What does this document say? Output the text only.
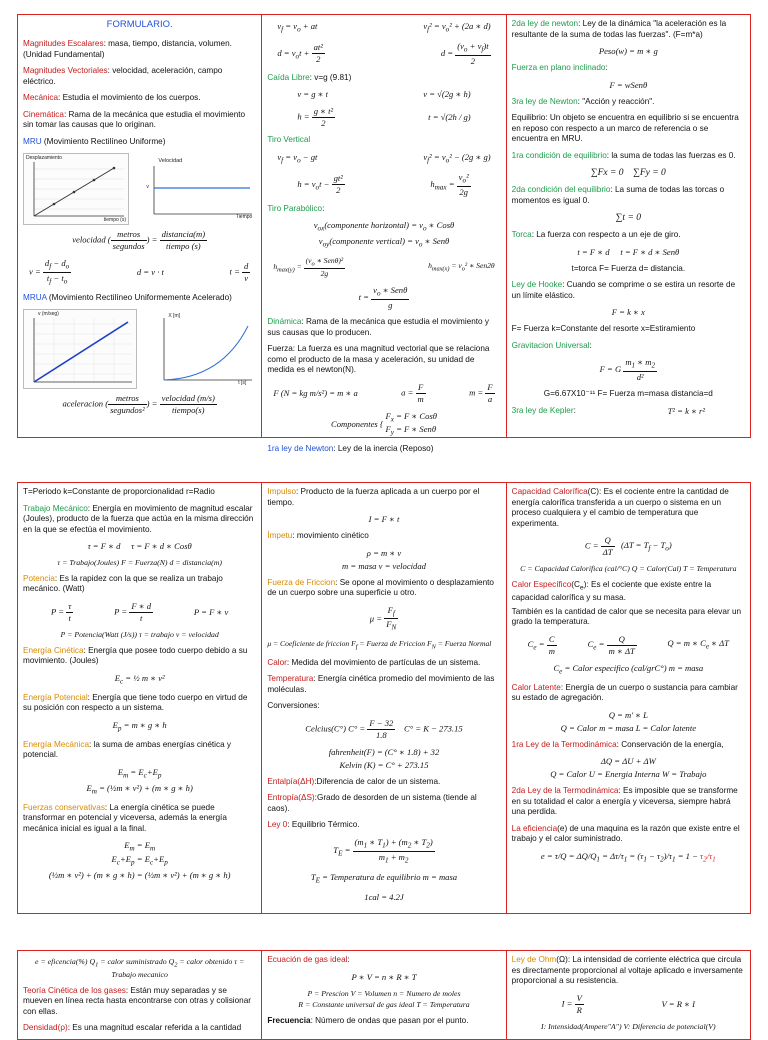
FORMULARIO.

Magnitudes Escalares: masa, tiempo, distancia, volumen. (Unidad Fundamental)

Magnitudes Vectoriales: velocidad, aceleración, campo eléctrico.

Mecánica: Estudia el movimiento de los cuerpos.

Cinemática: Rama de la mecánica que estudia el movimiento sin tomar las causas que lo originan.

MRU (Movimiento Rectilíneo Uniforme)

Desplazamiento
tiempo (s)
Velocidad
Tiempo
v
velocidad (
metros
segundos
) =
distancia(m)
tiempo (s)
$v = \frac{d_f - d_o}{t_f - t_o}$	d = v · t	$t = \frac{d}{v}$

MRUA (Movimiento Rectilíneo Uniformemente Acelerado)

v (m/seg)	X [m]
t [s]
aceleracion (
metros
segundos²
) =
velocidad (m/s)
tiempo(s)
$v_f = v_o$ + at	$v_f^2 = v_o^2 + (2a$ ∗ d)
$d = v_ot + \frac{\text{at²}}{2}$	$d = \frac{(v_o + v_f)t}{2}$

Caída Libre: v=g (9.81)

v = g ∗ t	v = √(2g ∗ h)
$h = \frac{\text{g ∗ t²}}{2}$	t = √(2h / g)

Tiro Vertical

$v_f = v_o$ − gt	$v_f^2 = v_o^2 - (2g$ ∗ g)
$h = v_ot - \frac{\text{gt²}}{2}$	$h_{max} = \frac{v_o^2}{2g}$

Tiro Parabólico:

$v_{ox}(componente$ horizontal) = $v_o$ ∗ Cosθ
$v_{oy}(componente$ vertical) = $v_o$ ∗ Senθ
$h_{max(y)}$ =
($v_o$ ∗ Senθ)²
2g
$h_{max(x)} = v_o^2$ ∗ Sen2θ
t =
$v_o$ ∗ Senθ
g

Dinámica: Rama de la mecánica que estudia el movimiento y sus causas que lo producen.

Fuerza: La fuerza es una magnitud vectorial que se relaciona como el producto de la masa y aceleración, su unidad de medida es el newton(N).

F (N = kg m/s²) = m ∗ a	$a = \frac{F}{m}$	$m = \frac{F}{a}$
Componentes {
$F_x = F$ ∗ Cosθ
$F_y = F$ ∗ Senθ

1ra ley de Newton: Ley de la inercia (Reposo)

2da ley de newton: Ley de la dinámica "la aceleración es la resultante de la suma de todas las fuerzas". (F=m*a)

Peso(w) = m ∗ g

Fuerza en plano inclinado:

F = wSenθ

3ra ley de Newton: "Acción y reacción".

Equilibrio: Un objeto se encuentra en equilibrio si se encuentra en reposo con respecto a un marco de referencia o se encuentra en MRU.

1ra condición de equilibrio: la suma de todas las fuerzas es 0.

∑Fx = 0 ∑Fy = 0

2da condición del equilibrio: La suma de todas las torcas o momentos es igual 0.

∑t = 0

Torca: La fuerza con respecto a un eje de giro.

t = F ∗ d t = F ∗ d ∗ Senθ

t=torca F= Fuerza d= distancia.

Ley de Hooke: Cuando se comprime o se estira un resorte de un límite elástico.

F = k ∗ x

F= Fuerza k=Constante del resorte x=Estiramiento

Gravitacion Universal:

F = G $\frac{m_1 ∗ m_2}{\text{d²}}$

G=6.67X10⁻¹¹ F= Fuerza m=masa distancia=d

3ra ley de Kepler:	T² = k ∗ r²

T=Periodo k=Constante de proporcionalidad r=Radio

Trabajo Mecánico: Energía en movimiento de magnitud escalar (Joules), producto de la fuerza que actúa en la misma dirección en la que se efectúa el movimiento.

τ = F ∗ d τ = F ∗ d ∗ Cosθ
τ = Trabajo(Joules) F = Fuerza(N) d = distancia(m)

Potencia: Es la rapidez con la que se realiza un trabajo mecánico. (Watt)

$P = \frac{\tau}{t}$	$P = \frac{F ∗ d}{t}$	P = F ∗ v
P = Potencia(Watt (J/s)) τ = trabajo v = velocidad

Energía Cinética: Energía que posee todo cuerpo debido a su movimiento. (Joules)

$E_c$ = ½ m ∗ v²

Energía Potencial: Energía que tiene todo cuerpo en virtud de su posición con respecto a un sistema.

$E_p = m$ ∗ g ∗ h

Energía Mecánica: la suma de ambas energías cinética y potencial.

$E_m = E_c+E_p$
$E_m$ = (½m ∗ v²) + (m ∗ g ∗ h)

Fuerzas conservativas: La energía cinética se puede transformar en potencial y viceversa, además la energía mecánica inicial es igual a la final.

$E_m = E_m$
$E_c+E_p = E_c+E_p$
(½m ∗ v²) + (m ∗ g ∗ h) = (½m ∗ v²) + (m ∗ g ∗ h)

Impulso: Producto de la fuerza aplicada a un cuerpo por el tiempo.

I = F ∗ t

Ímpetu: movimiento cinético

ρ = m ∗ v
m = masa v = velocidad

Fuerza de Friccion: Se opone al movimiento o desplazamiento de un cuerpo sobre una superficie u otro.

$\mu = \frac{F_f}{F_N}$
μ = Coeficiente de friccion $F_f$ = Fuerza de Friccion $F_N$ = Fuerza Normal

Calor: Medida del movimiento de partículas de un sistema.

Temperatura: Energía cinética promedio del movimiento de las moléculas.

Conversiones:

Celcius(C°) $C^\circ = \frac{F - 32}{1.8} C^\circ = K - 273.15$
fahrenheit(F) = (C° ∗ 1.8) + 32
Kelvin (K) = C° + 273.15

Entalpía(ΔH):Diferencia de calor de un sistema.

Entropía(ΔS):Grado de desorden de un sistema (tiende al caos).

Ley 0: Equilibrio Térmico.

$T_E = \frac{(m_1 ∗ T_1) + (m_2 ∗ T_2)}{m_1 + m_2}$
$T_E$ = Temperatura de equilibrio m = masa
1cal = 4.2J

Capacidad Calorífica(C): Es el cociente entre la cantidad de energía calorífica transferida a un cuerpo o sistema en un proceso cualquiera y el cambio de temperatura que experimenta.

$C = \frac{Q}{\Delta T} (\Delta T = T_f - T_o)$
C = Capacidad Calorífica (cal/°C) Q = Calor(Cal) T = Temperatura

Calor $Específico(C_e)$: Es el cociente que existe entre la capacidad calorífica y su masa.

También es la cantidad de calor que se necesita para elevar un grado la temperatura.

$C_e = \frac{C}{m}$	$C_e = \frac{Q}{m ∗ \Delta T}$	Q = m ∗ $C_e$ ∗ ΔT
$C_e$ = Calor especifico (cal/grC°) m = masa

Calor Latente: Energía de un cuerpo o sustancia para cambiar su estado de agregación.

Q = m' ∗ L
Q = Calor m = masa L = Calor latente

1ra Ley de la Termodinámica: Conservación de la energía,

ΔQ = ΔU + ΔW
Q = Calor U = Energia Interna W = Trabajo

2da Ley de la Termodinámica: Es imposible que se transforme en su totalidad el calor a energía y viceversa, siempre habrá una perdida.

La eficiencia(e) de una maquina es la razón que existe entre el trabajo y el calor suministrado.

$e = \tau/Q = \Delta Q/Q_1 = \Delta\tau/\tau_1 = (\tau_1 - \tau_2)/\tau_1 = 1 - \tau_2/\tau_1$
e = eficencia(%) $Q_1$ = calor suministrado $Q_2$ = calor obtenido τ = Trabajo mecanico

Teoría Cinética de los gases: Están muy separadas y se mueven en línea recta hasta encontrarse con otras y colisionar con ellas.

Densidad(ρ): Es una magnitud escalar referida a la cantidad

Ecuación de gas ideal:

P ∗ V = n ∗ R ∗ T
P = Prescion V = Volumen n = Numero de moles
R = Constante universal de gas ideal T = Temperatura

Frecuencia: Número de ondas que pasan por el punto.

Ley de Ohm(Ω): La intensidad de corriente eléctrica que circula es directamente proporcional al voltaje aplicado e inversamente proporcional a su resistencia.

$I = \frac{V}{R}$	V = R ∗ I
I: Intensidad(Ampere"A") V: Diferencia de potencial(V)
